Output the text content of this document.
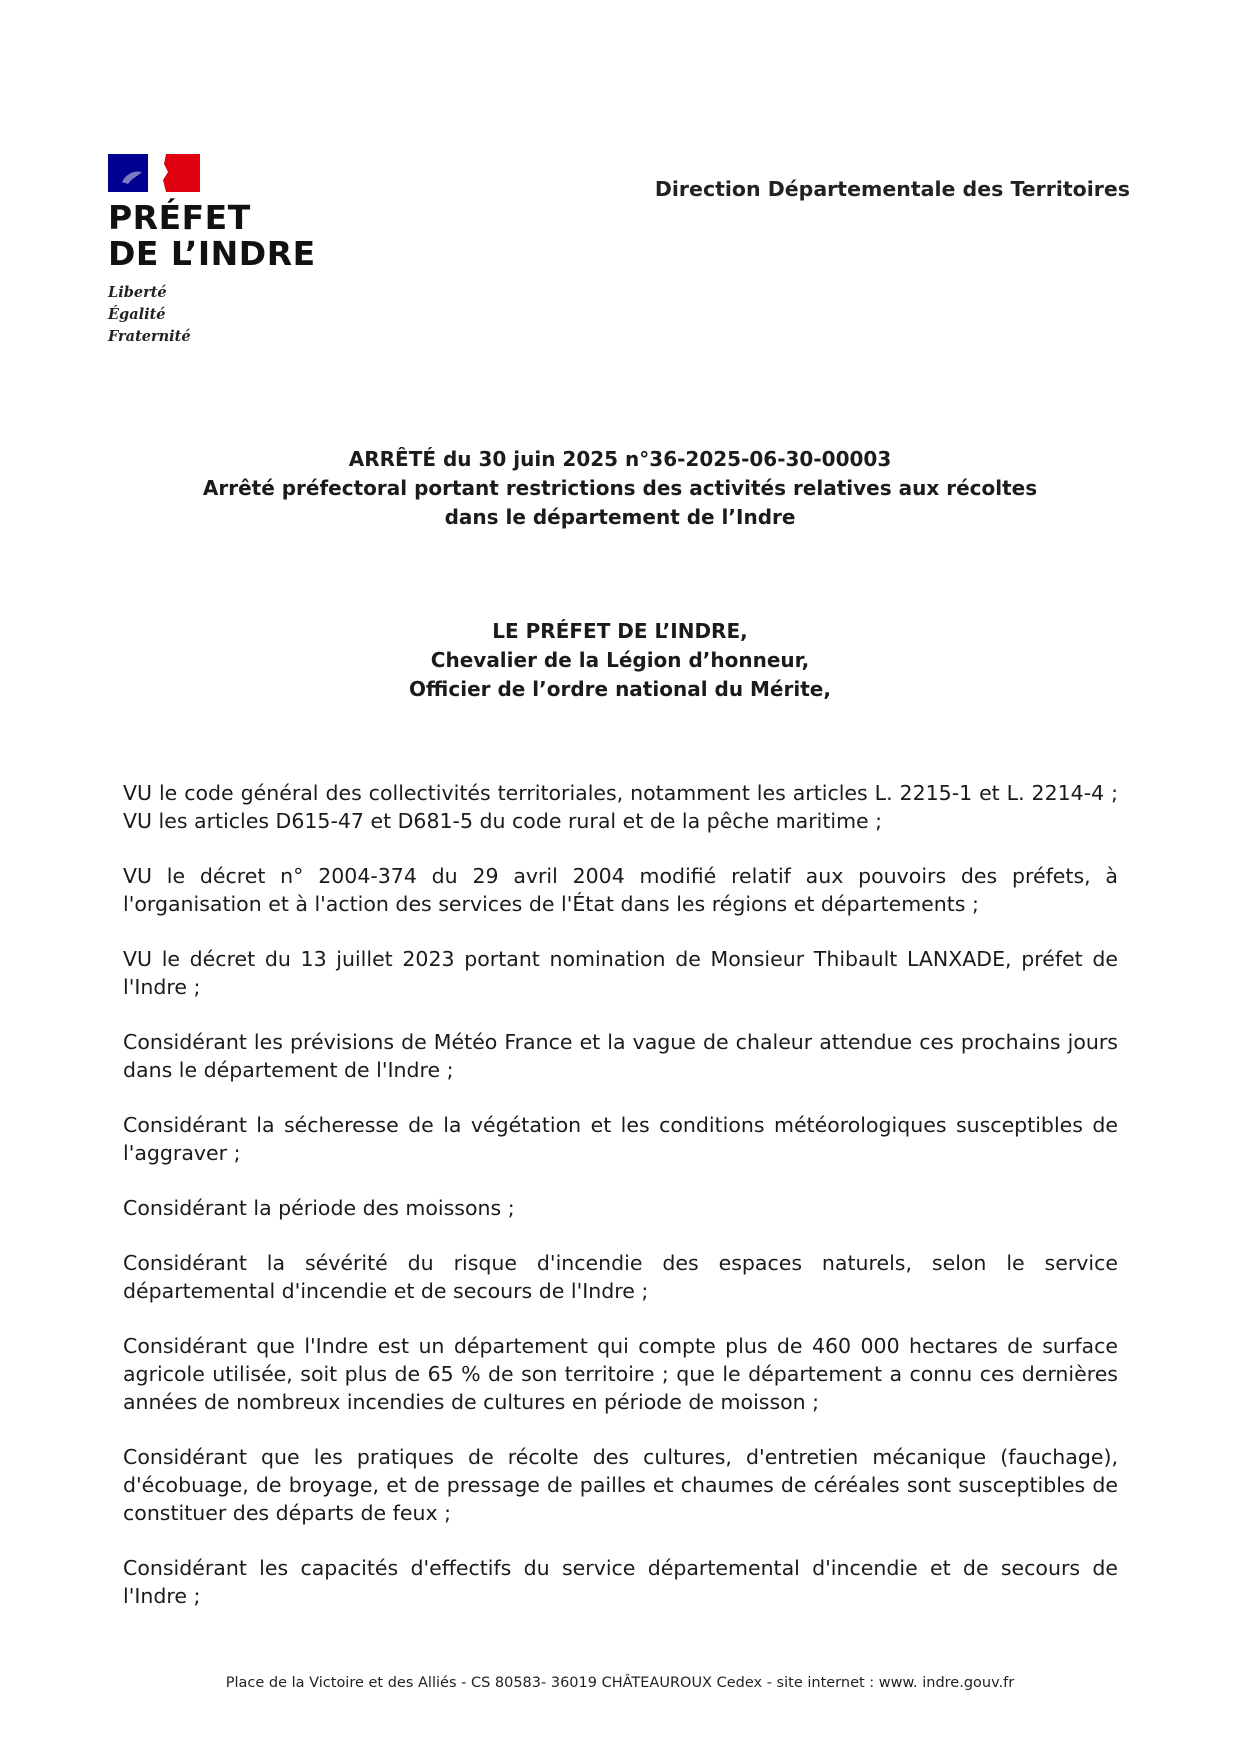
PRÉFET
DE L’INDRE
Liberté
Égalité
Fraternité
Direction Départementale des Territoires
ARRÊTÉ du 30 juin 2025 n°36-2025-06-30-00003
Arrêté préfectoral portant restrictions des activités relatives aux récoltes
dans le département de l’Indre
LE PRÉFET DE L’INDRE,
Chevalier de la Légion d’honneur,
Officier de l’ordre national du Mérite,

VU le code général des collectivités territoriales, notamment les articles L. 2215-1 et L. 2214-4 ; VU les articles D615-47 et D681-5 du code rural et de la pêche maritime ;

VU le décret n° 2004-374 du 29 avril 2004 modifié relatif aux pouvoirs des préfets, à l'organisation et à l'action des services de l'État dans les régions et départements ;

VU le décret du 13 juillet 2023 portant nomination de Monsieur Thibault LANXADE, préfet de l'Indre ;

Considérant les prévisions de Météo France et la vague de chaleur attendue ces prochains jours dans le département de l'Indre ;

Considérant la sécheresse de la végétation et les conditions météorologiques susceptibles de l'aggraver ;

Considérant la période des moissons ;

Considérant la sévérité du risque d'incendie des espaces naturels, selon le service départemental d'incendie et de secours de l'Indre ;

Considérant que l'Indre est un département qui compte plus de 460 000 hectares de surface agricole utilisée, soit plus de 65 % de son territoire ; que le département a connu ces dernières années de nombreux incendies de cultures en période de moisson ;

Considérant que les pratiques de récolte des cultures, d'entretien mécanique (fauchage), d'écobuage, de broyage, et de pressage de pailles et chaumes de céréales sont susceptibles de constituer des départs de feux ;

Considérant les capacités d'effectifs du service départemental d'incendie et de secours de l'Indre ;

Place de la Victoire et des Alliés - CS 80583- 36019 CHÂTEAUROUX Cedex - site internet : www. indre.gouv.fr
